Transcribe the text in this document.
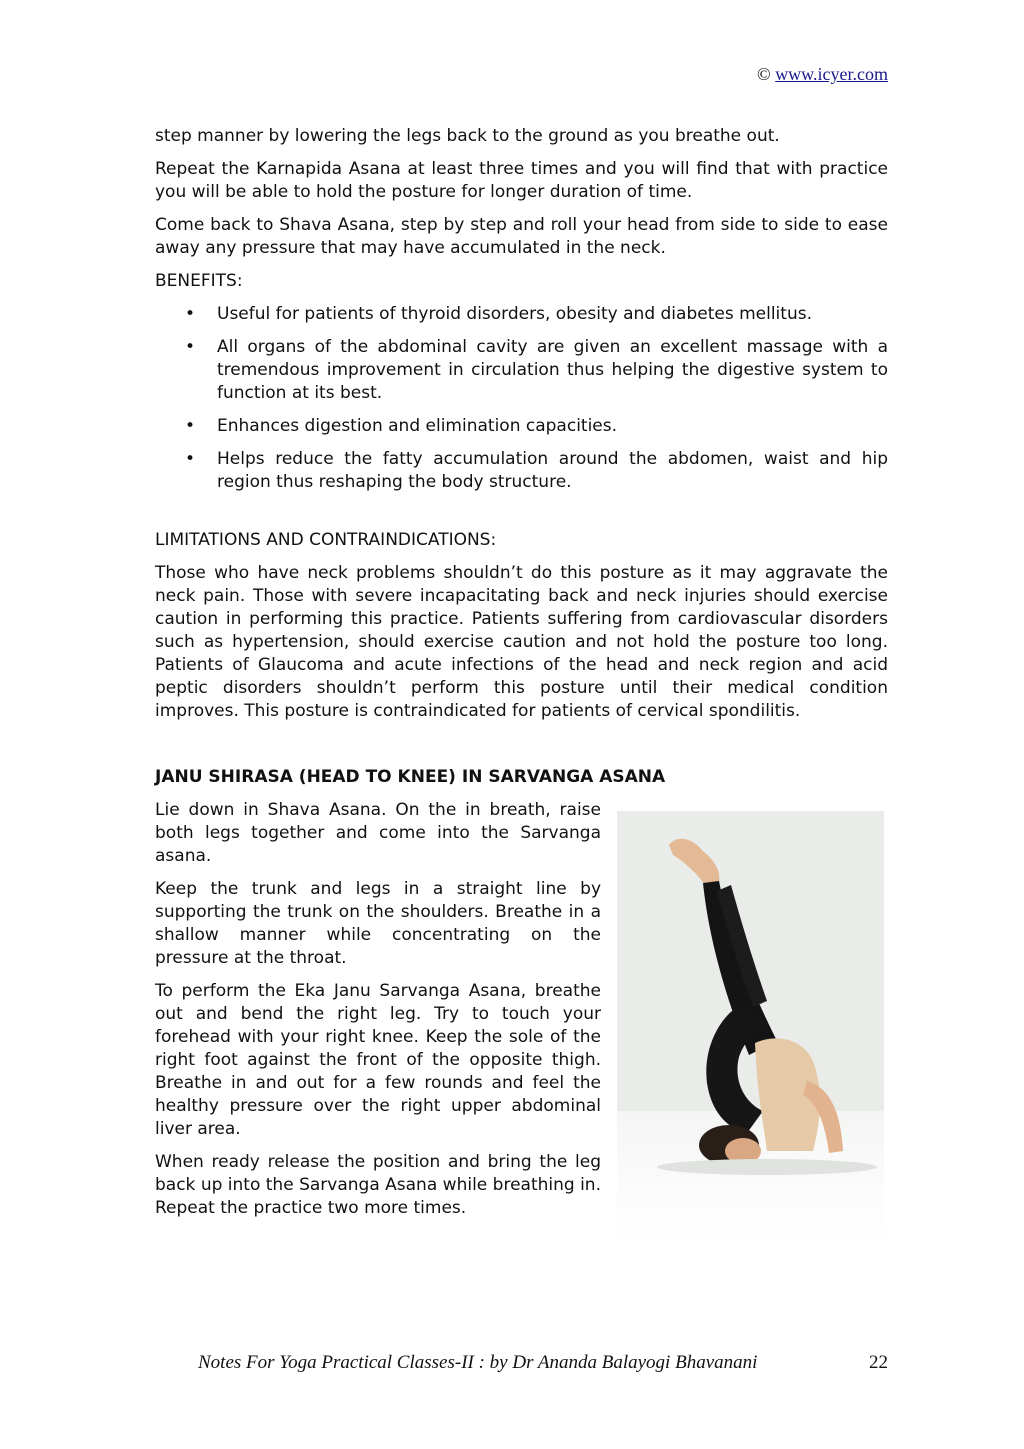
© www.icyer.com

step manner by lowering the legs back to the ground as you breathe out.

Repeat the Karnapida Asana at least three times and you will find that with practice you will be able to hold the posture for longer duration of time.

Come back to Shava Asana, step by step and roll your head from side to side to ease away any pressure that may have accumulated in the neck.

BENEFITS:
• Useful for patients of thyroid disorders, obesity and diabetes mellitus.
• All organs of the abdominal cavity are given an excellent massage with a tremendous improvement in circulation thus helping the digestive system to function at its best.
• Enhances digestion and elimination capacities.
• Helps reduce the fatty accumulation around the abdomen, waist and hip region thus reshaping the body structure.
LIMITATIONS AND CONTRAINDICATIONS:

Those who have neck problems shouldn’t do this posture as it may aggravate the neck pain. Those with severe incapacitating back and neck injuries should exercise caution in performing this practice. Patients suffering from cardiovascular disorders such as hypertension, should exercise caution and not hold the posture too long. Patients of Glaucoma and acute infections of the head and neck region and acid peptic disorders shouldn’t perform this posture until their medical condition improves. This posture is contraindicated for patients of cervical spondilitis.

JANU SHIRASA (HEAD TO KNEE) IN SARVANGA ASANA

Lie down in Shava Asana. On the in breath, raise both legs together and come into the Sarvanga asana.

Keep the trunk and legs in a straight line by supporting the trunk on the shoulders. Breathe in a shallow manner while concentrating on the pressure at the throat.

To perform the Eka Janu Sarvanga Asana, breathe out and bend the right leg. Try to touch your forehead with your right knee. Keep the sole of the right foot against the front of the opposite thigh. Breathe in and out for a few rounds and feel the healthy pressure over the right upper abdominal liver area.

When ready release the position and bring the leg back up into the Sarvanga Asana while breathing in. Repeat the practice two more times.

Notes For Yoga Practical Classes-II : by Dr Ananda Balayogi Bhavanani	22
